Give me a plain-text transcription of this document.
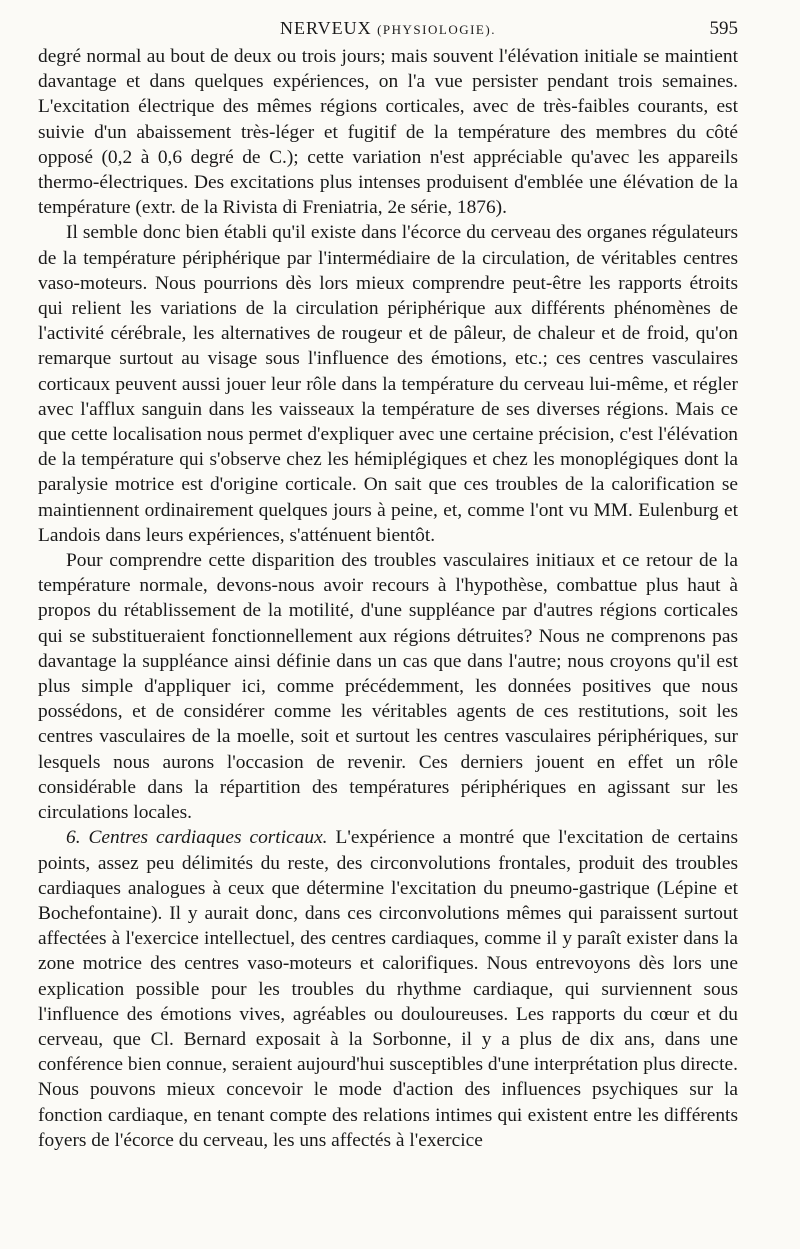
NERVEUX (PHYSIOLOGIE).	595

degré normal au bout de deux ou trois jours; mais souvent l'élévation initiale se maintient davantage et dans quelques expériences, on l'a vue persister pendant trois semaines. L'excitation électrique des mêmes régions corticales, avec de très-faibles courants, est suivie d'un abaissement très-léger et fugitif de la température des membres du côté opposé (0,2 à 0,6 degré de C.); cette variation n'est appréciable qu'avec les appareils thermo-électriques. Des excitations plus intenses produisent d'emblée une élévation de la température (extr. de la Rivista di Freniatria, 2e série, 1876).

Il semble donc bien établi qu'il existe dans l'écorce du cerveau des organes régulateurs de la température périphérique par l'intermédiaire de la circulation, de véritables centres vaso-moteurs. Nous pourrions dès lors mieux comprendre peut-être les rapports étroits qui relient les variations de la circulation périphérique aux différents phénomènes de l'activité cérébrale, les alternatives de rougeur et de pâleur, de chaleur et de froid, qu'on remarque surtout au visage sous l'influence des émotions, etc.; ces centres vasculaires corticaux peuvent aussi jouer leur rôle dans la température du cerveau lui-même, et régler avec l'afflux sanguin dans les vaisseaux la température de ses diverses régions. Mais ce que cette localisation nous permet d'expliquer avec une certaine précision, c'est l'élévation de la température qui s'observe chez les hémiplégiques et chez les monoplégiques dont la paralysie motrice est d'origine corticale. On sait que ces troubles de la calorification se maintiennent ordinairement quelques jours à peine, et, comme l'ont vu MM. Eulenburg et Landois dans leurs expériences, s'atténuent bientôt.

Pour comprendre cette disparition des troubles vasculaires initiaux et ce retour de la température normale, devons-nous avoir recours à l'hypothèse, combattue plus haut à propos du rétablissement de la motilité, d'une suppléance par d'autres régions corticales qui se substitueraient fonctionnellement aux régions détruites? Nous ne comprenons pas davantage la suppléance ainsi définie dans un cas que dans l'autre; nous croyons qu'il est plus simple d'appliquer ici, comme précédemment, les données positives que nous possédons, et de considérer comme les véritables agents de ces restitutions, soit les centres vasculaires de la moelle, soit et surtout les centres vasculaires périphériques, sur lesquels nous aurons l'occasion de revenir. Ces derniers jouent en effet un rôle considérable dans la répartition des températures périphériques en agissant sur les circulations locales.

6. Centres cardiaques corticaux. L'expérience a montré que l'excitation de certains points, assez peu délimités du reste, des circonvolutions frontales, produit des troubles cardiaques analogues à ceux que détermine l'excitation du pneumo-gastrique (Lépine et Bochefontaine). Il y aurait donc, dans ces circonvolutions mêmes qui paraissent surtout affectées à l'exercice intellectuel, des centres cardiaques, comme il y paraît exister dans la zone motrice des centres vaso-moteurs et calorifiques. Nous entrevoyons dès lors une explication possible pour les troubles du rhythme cardiaque, qui surviennent sous l'influence des émotions vives, agréables ou douloureuses. Les rapports du cœur et du cerveau, que Cl. Bernard exposait à la Sorbonne, il y a plus de dix ans, dans une conférence bien connue, seraient aujourd'hui susceptibles d'une interprétation plus directe. Nous pouvons mieux concevoir le mode d'action des influences psychiques sur la fonction cardiaque, en tenant compte des relations intimes qui existent entre les différents foyers de l'écorce du cerveau, les uns affectés à l'exercice
